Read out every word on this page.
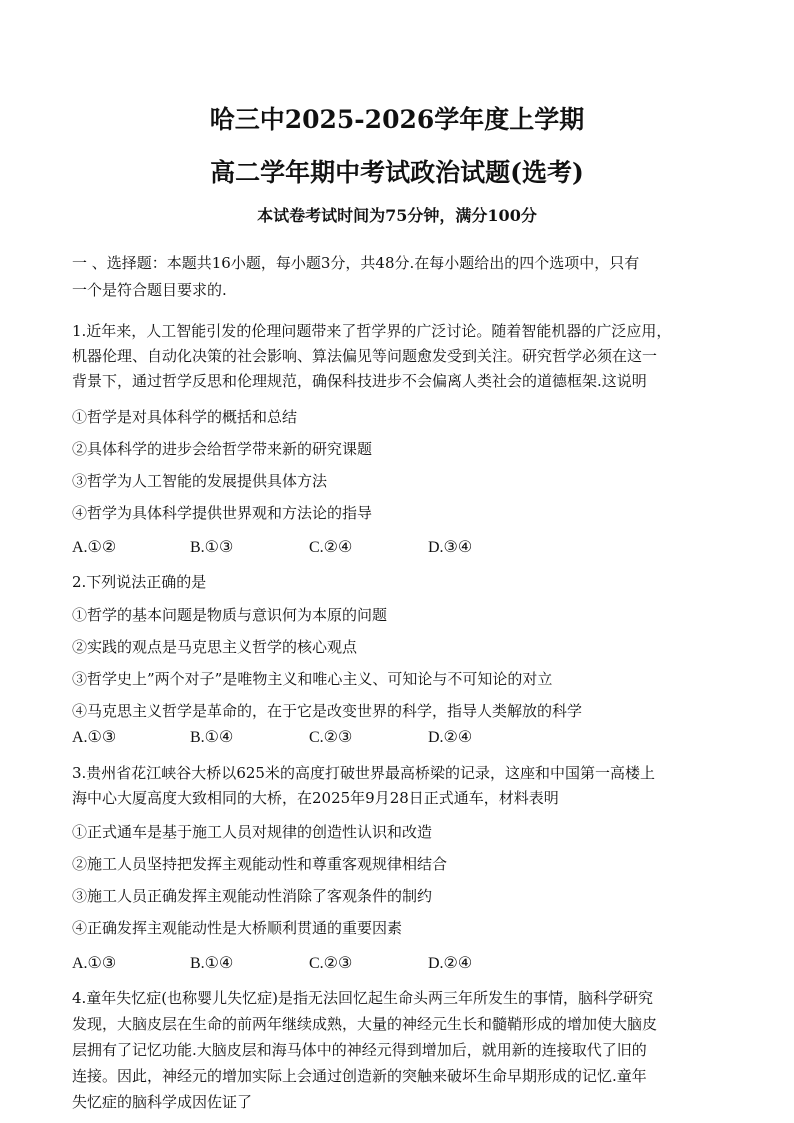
哈三中2025-2026学年度上学期
高二学年期中考试政治试题(选考)
本试卷考试时间为75分钟，满分100分
一 、选择题：本题共16小题，每小题3分，共48分.在每小题给出的四个选项中，只有
一个是符合题目要求的.
1.近年来，人工智能引发的伦理问题带来了哲学界的广泛讨论。随着智能机器的广泛应用，
机器伦理、自动化决策的社会影响、算法偏见等问题愈发受到关注。研究哲学必须在这一
背景下，通过哲学反思和伦理规范，确保科技进步不会偏离人类社会的道德框架.这说明
①哲学是对具体科学的概括和总结
②具体科学的进步会给哲学带来新的研究课题
③哲学为人工智能的发展提供具体方法
④哲学为具体科学提供世界观和方法论的指导
A.①②	B.①③	C.②④	D.③④
2.下列说法正确的是
①哲学的基本问题是物质与意识何为本原的问题
②实践的观点是马克思主义哲学的核心观点
③哲学史上”两个对子”是唯物主义和唯心主义、可知论与不可知论的对立
④马克思主义哲学是革命的，在于它是改变世界的科学，指导人类解放的科学
A.①③	B.①④	C.②③	D.②④
3.贵州省花江峡谷大桥以625米的高度打破世界最高桥梁的记录，这座和中国第一高楼上
海中心大厦高度大致相同的大桥，在2025年9月28日正式通车，材料表明
①正式通车是基于施工人员对规律的创造性认识和改造
②施工人员坚持把发挥主观能动性和尊重客观规律相结合
③施工人员正确发挥主观能动性消除了客观条件的制约
④正确发挥主观能动性是大桥顺利贯通的重要因素
A.①③	B.①④	C.②③	D.②④
4.童年失忆症(也称婴儿失忆症)是指无法回忆起生命头两三年所发生的事情，脑科学研究
发现，大脑皮层在生命的前两年继续成熟，大量的神经元生长和髓鞘形成的增加使大脑皮
层拥有了记忆功能.大脑皮层和海马体中的神经元得到增加后，就用新的连接取代了旧的
连接。因此，神经元的增加实际上会通过创造新的突触来破坏生命早期形成的记忆.童年
失忆症的脑科学成因佐证了
